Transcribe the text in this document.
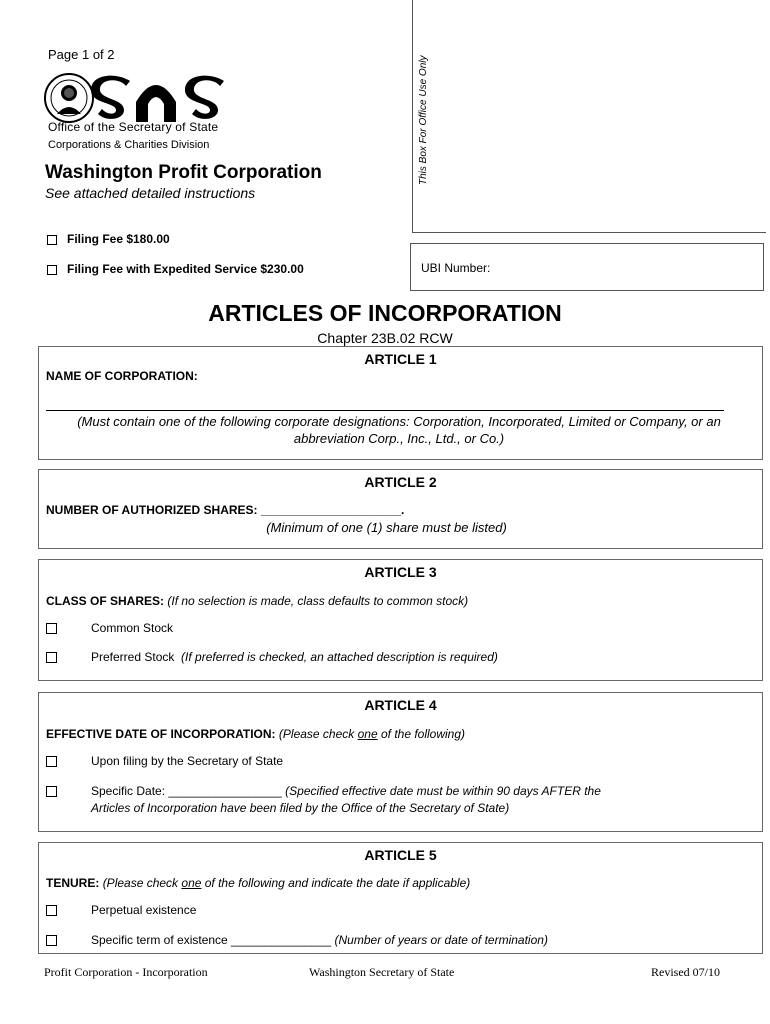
Page 1 of 2
Office of the Secretary of State
Corporations & Charities Division
Washington Profit Corporation
See attached detailed instructions
This Box For Office Use Only
UBI Number:
Filing Fee $180.00
Filing Fee with Expedited Service $230.00
ARTICLES OF INCORPORATION
Chapter 23B.02 RCW
ARTICLE 1
NAME OF CORPORATION:
(Must contain one of the following corporate designations: Corporation, Incorporated, Limited or Company, or an abbreviation Corp., Inc., Ltd., or Co.)
ARTICLE 2
NUMBER OF AUTHORIZED SHARES: _____________________.
(Minimum of one (1) share must be listed)
ARTICLE 3
CLASS OF SHARES: (If no selection is made, class defaults to common stock)
Common Stock
Preferred Stock (If preferred is checked, an attached description is required)
ARTICLE 4
EFFECTIVE DATE OF INCORPORATION: (Please check one of the following)
Upon filing by the Secretary of State
Specific Date: _________________ (Specified effective date must be within 90 days AFTER the
Articles of Incorporation have been filed by the Office of the Secretary of State)
ARTICLE 5
TENURE: (Please check one of the following and indicate the date if applicable)
Perpetual existence
Specific term of existence _______________ (Number of years or date of termination)
Profit Corporation - Incorporation	Washington Secretary of State	Revised 07/10
